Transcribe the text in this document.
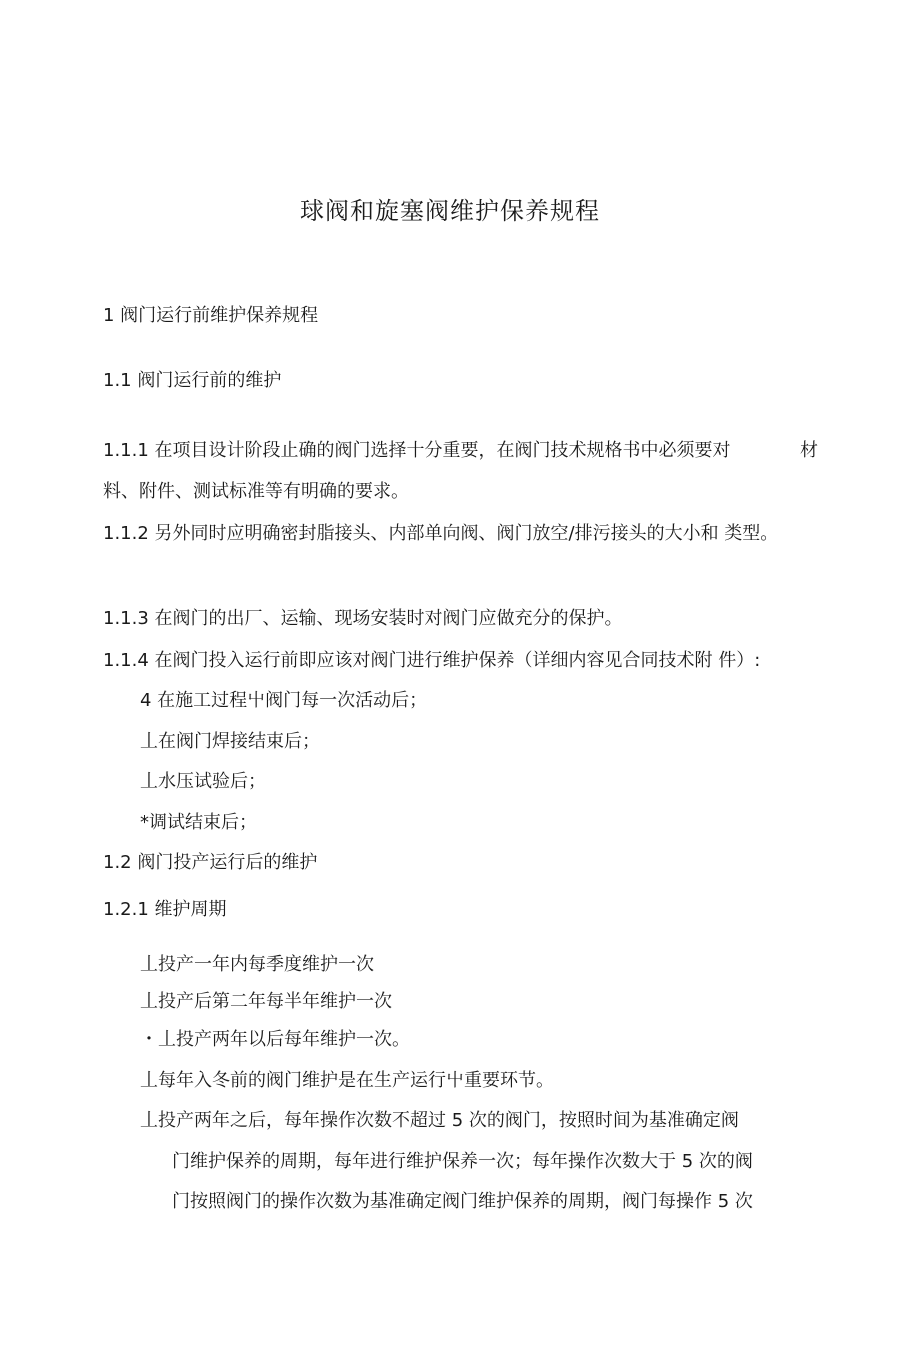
球阀和旋塞阀维护保养规程
1 阀门运行前维护保养规程
1.1 阀门运行前的维护
1.1.1 在项目设计阶段止确的阀门选择十分重要，在阀门技术规格书中必须要对	材
料、附件、测试标准等有明确的要求。
1.1.2 另外同时应明确密封脂接头、内部单向阀、阀门放空/排污接头的大小和 类型。
1.1.3 在阀门的出厂、运输、现场安装时对阀门应做充分的保护。
1.1.4 在阀门投入运行前即应该对阀门进行维护保养（详细内容见合同技术附 件）:
4 在施工过程屮阀门每一次活动后；
丄在阀门焊接结束后；
丄水压试验后；
*调试结束后；
1.2 阀门投产运行后的维护
1.2.1 维护周期
丄投产一年内每季度维护一次
丄投产后第二年每半年维护一次
・丄投产两年以后每年维护一次。
丄每年入冬前的阀门维护是在生产运行屮重要环节。
丄投产两年之后，每年操作次数不超过 5 次的阀门，按照时间为基准确定阀
门维护保养的周期，每年进行维护保养一次；每年操作次数大于 5 次的阀
门按照阀门的操作次数为基准确定阀门维护保养的周期，阀门每操作 5 次
